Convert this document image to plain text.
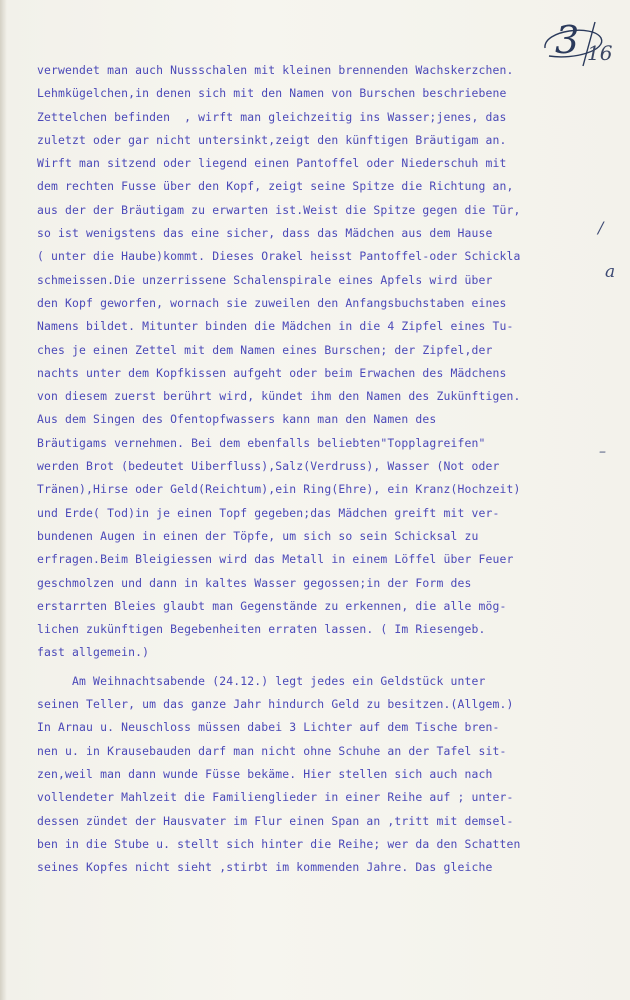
3 16
verwendet man auch Nussschalen mit kleinen brennenden Wachskerzchen.
Lehmkügelchen,in denen sich mit den Namen von Burschen beschriebene
Zettelchen befinden  , wirft man gleichzeitig ins Wasser;jenes, das
zuletzt oder gar nicht untersinkt,zeigt den künftigen Bräutigam an.
Wirft man sitzend oder liegend einen Pantoffel oder Niederschuh mit
dem rechten Fusse über den Kopf, zeigt seine Spitze die Richtung an,
aus der der Bräutigam zu erwarten ist.Weist die Spitze gegen die Tür,
so ist wenigstens das eine sicher, dass das Mädchen aus dem Hause
( unter die Haube)kommt. Dieses Orakel heisst Pantoffel-oder Schickla
schmeissen.Die unzerrissene Schalenspirale eines Apfels wird über
den Kopf geworfen, wornach sie zuweilen den Anfangsbuchstaben eines
Namens bildet. Mitunter binden die Mädchen in die 4 Zipfel eines Tu-
ches je einen Zettel mit dem Namen eines Burschen; der Zipfel,der
nachts unter dem Kopfkissen aufgeht oder beim Erwachen des Mädchens
von diesem zuerst berührt wird, kündet ihm den Namen des Zukünftigen.
Aus dem Singen des Ofentopfwassers kann man den ﻿Namen des
Bräutigams vernehmen. Bei dem ebenfalls beliebten"Topplagreifen"
werden Brot (bedeutet Uiberfluss),Salz(Verdruss), Wasser (Not oder
Tränen),Hirse oder Geld(Reichtum),ein Ring(Ehre), ein Kranz(Hochzeit)
und Erde( Tod)in je einen Topf gegeben;das Mädchen greift mit ver-
bundenen Augen in einen der Töpfe, um sich so sein Schicksal zu
erfragen.Beim Bleigiessen wird das Metall in einem Löffel über Feuer
geschmolzen und dann in kaltes Wasser gegossen;in der Form des
erstarrten Bleies glaubt man Gegenstände zu erkennen, die alle mög-
lichen zukünftigen Begebenheiten erraten lassen. ( Im Riesengeb.
fast allgemein.)
Am Weihnachtsabende (24.12.) legt jedes ein Geldstück unter
seinen Teller, um das ganze Jahr hindurch Geld zu besitzen.(Allgem.)
In Arnau u. Neuschloss müssen dabei 3 Lichter auf dem Tische bren-
nen u. in Krausebauden darf man nicht ohne Schuhe an der Tafel sit-
zen,weil man dann wunde Füsse bekäme. Hier stellen sich auch nach
vollendeter Mahlzeit die Familienglieder in einer Reihe auf ; unter-
dessen zündet der Hausvater im Flur einen Span an ,tritt mit demsel-
ben in die Stube u. stellt sich hinter die Reihe; wer da den Schatten
seines Kopfes nicht sieht ,stirbt im kommenden Jahre. Das gleiche
a
/
–
